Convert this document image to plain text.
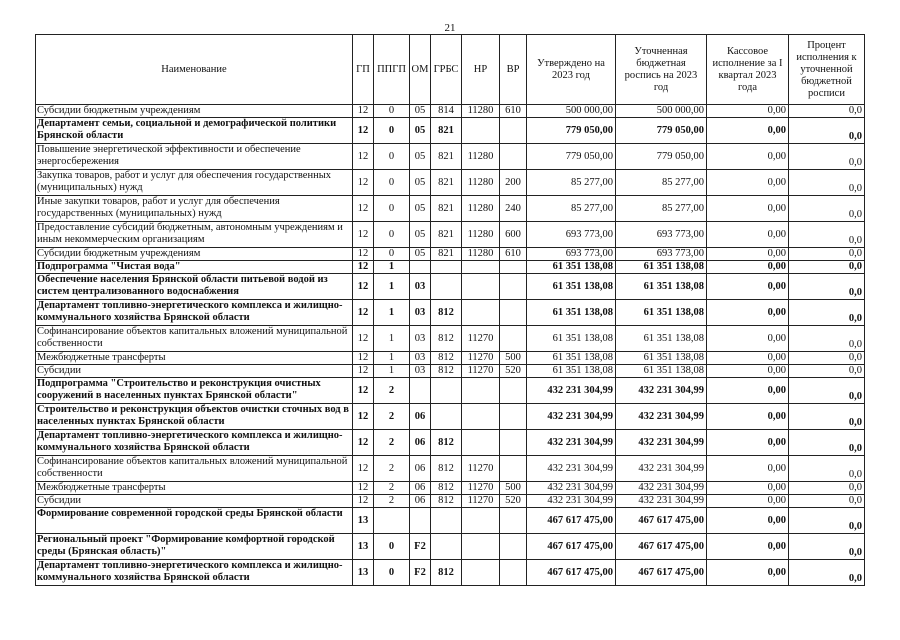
21
Наименование	ГП	ППГП	ОМ	ГРБС	НР	ВР	Утверждено на 2023 год	Уточненная бюджетная роспись на 2023 год	Кассовое исполнение за I квартал 2023 года	Процент исполнения к уточненной бюджетной росписи
Субсидии бюджетным учреждениям	12	0	05	814	11280	610	500 000,00	500 000,00	0,00	0,0
Департамент семьи, социальной и демографической политики Брянской области	12	0	05	821			779 050,00	779 050,00	0,00	0,0
Повышение энергетической эффективности и обеспечение энергосбережения	12	0	05	821	11280		779 050,00	779 050,00	0,00	0,0
Закупка товаров, работ и услуг для обеспечения государственных (муниципальных) нужд	12	0	05	821	11280	200	85 277,00	85 277,00	0,00	0,0
Иные закупки товаров, работ и услуг для обеспечения государственных (муниципальных) нужд	12	0	05	821	11280	240	85 277,00	85 277,00	0,00	0,0
Предоставление субсидий бюджетным, автономным учреждениям и иным некоммерческим организациям	12	0	05	821	11280	600	693 773,00	693 773,00	0,00	0,0
Субсидии бюджетным учреждениям	12	0	05	821	11280	610	693 773,00	693 773,00	0,00	0,0
Подпрограмма "Чистая вода"	12	1					61 351 138,08	61 351 138,08	0,00	0,0
Обеспечение населения Брянской области питьевой водой из систем централизованного водоснабжения	12	1	03				61 351 138,08	61 351 138,08	0,00	0,0
Департамент топливно-энергетического комплекса и жилищно-коммунального хозяйства Брянской области	12	1	03	812			61 351 138,08	61 351 138,08	0,00	0,0
Софинансирование объектов капитальных вложений муниципальной собственности	12	1	03	812	11270		61 351 138,08	61 351 138,08	0,00	0,0
Межбюджетные трансферты	12	1	03	812	11270	500	61 351 138,08	61 351 138,08	0,00	0,0
Субсидии	12	1	03	812	11270	520	61 351 138,08	61 351 138,08	0,00	0,0
Подпрограмма "Строительство и реконструкция очистных сооружений в населенных пунктах Брянской области"	12	2					432 231 304,99	432 231 304,99	0,00	0,0
Строительство и реконструкция объектов очистки сточных вод в населенных пунктах Брянской области	12	2	06				432 231 304,99	432 231 304,99	0,00	0,0
Департамент топливно-энергетического комплекса и жилищно-коммунального хозяйства Брянской области	12	2	06	812			432 231 304,99	432 231 304,99	0,00	0,0
Софинансирование объектов капитальных вложений муниципальной собственности	12	2	06	812	11270		432 231 304,99	432 231 304,99	0,00	0,0
Межбюджетные трансферты	12	2	06	812	11270	500	432 231 304,99	432 231 304,99	0,00	0,0
Субсидии	12	2	06	812	11270	520	432 231 304,99	432 231 304,99	0,00	0,0
Формирование современной городской среды Брянской области	13						467 617 475,00	467 617 475,00	0,00	0,0
Региональный проект "Формирование комфортной городской среды (Брянская область)"	13	0	F2				467 617 475,00	467 617 475,00	0,00	0,0
Департамент топливно-энергетического комплекса и жилищно-коммунального хозяйства Брянской области	13	0	F2	812			467 617 475,00	467 617 475,00	0,00	0,0
